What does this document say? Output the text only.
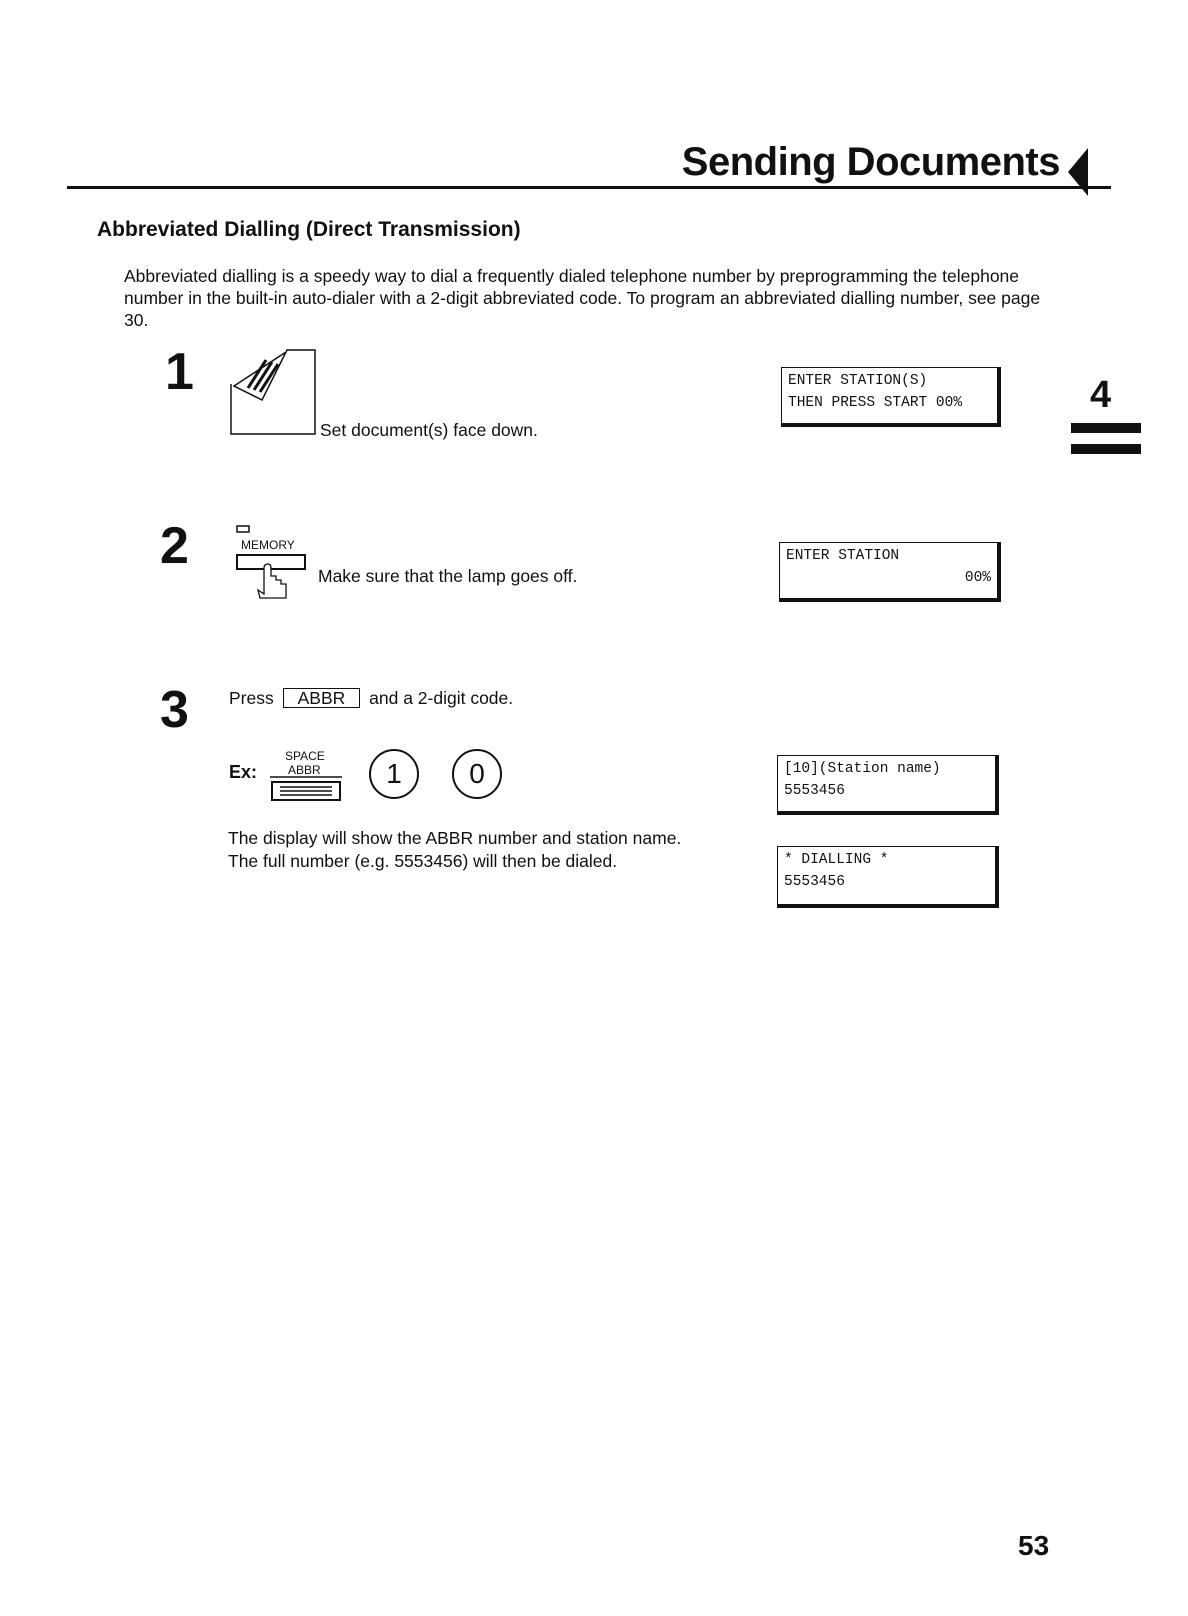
Sending Documents
Abbreviated Dialling (Direct Transmission)
Abbreviated dialling is a speedy way to dial a frequently dialed telephone number by preprogramming the telephone number in the built-in auto-dialer with a 2-digit abbreviated code. To program an abbreviated dialling number, see page 30.
4
1
Set document(s) face down.
ENTER STATION(S)
THEN PRESS START 00%
2	MEMORY
Make sure that the lamp goes off.
ENTER STATION
00%
3 Press ABBR and a 2-digit code.
Ex:
SPACE
ABBR	1	0
The display will show the ABBR number and station name.
The full number (e.g. 5553456) will then be dialed.
[10](Station name)
5553456
* DIALLING *
5553456
53
